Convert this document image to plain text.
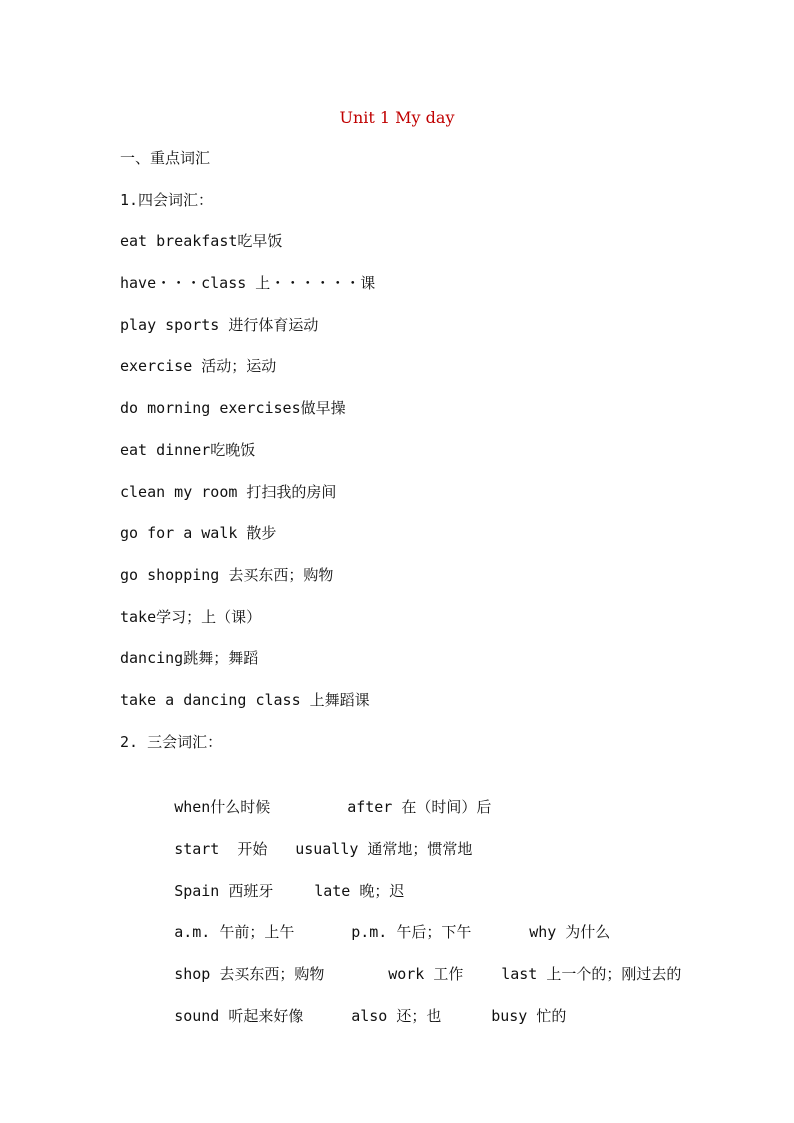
Unit 1 My day
一、重点词汇
1.四会词汇：
eat breakfast吃早饭
have・・・class 上・・・・・・课
play sports 进行体育运动
exercise 活动；运动
do morning exercises做早操
eat dinner吃晚饭
clean my room 打扫我的房间
go for a walk 散步
go shopping 去买东西；购物
take学习；上（课）
dancing跳舞；舞蹈
take a dancing class 上舞蹈课
2. 三会词汇：

when什么时候	after 在（时间）后

start  开始 usually 通常地；惯常地

Spain 西班牙	late 晚；迟

a.m. 午前；上午	p.m. 午后；下午	why 为什么

shop 去买东西；购物	work 工作	last 上一个的；刚过去的

sound 听起来好像	also 还；也	busy 忙的
